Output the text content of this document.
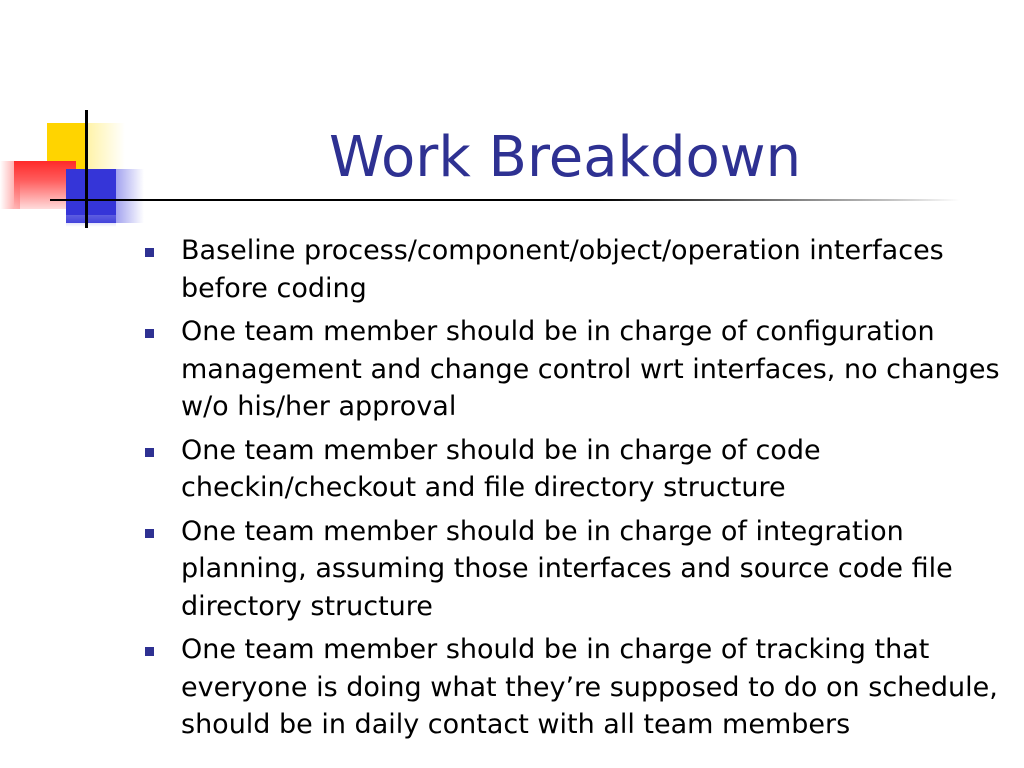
Work Breakdown
Baseline process/component/object/operation interfaces before coding
One team member should be in charge of configuration management and change control wrt interfaces, no changes w/o his/her approval
One team member should be in charge of code checkin/checkout and file directory structure
One team member should be in charge of integration planning, assuming those interfaces and source code file directory structure
One team member should be in charge of tracking that everyone is doing what they’re supposed to do on schedule, should be in daily contact with all team members
